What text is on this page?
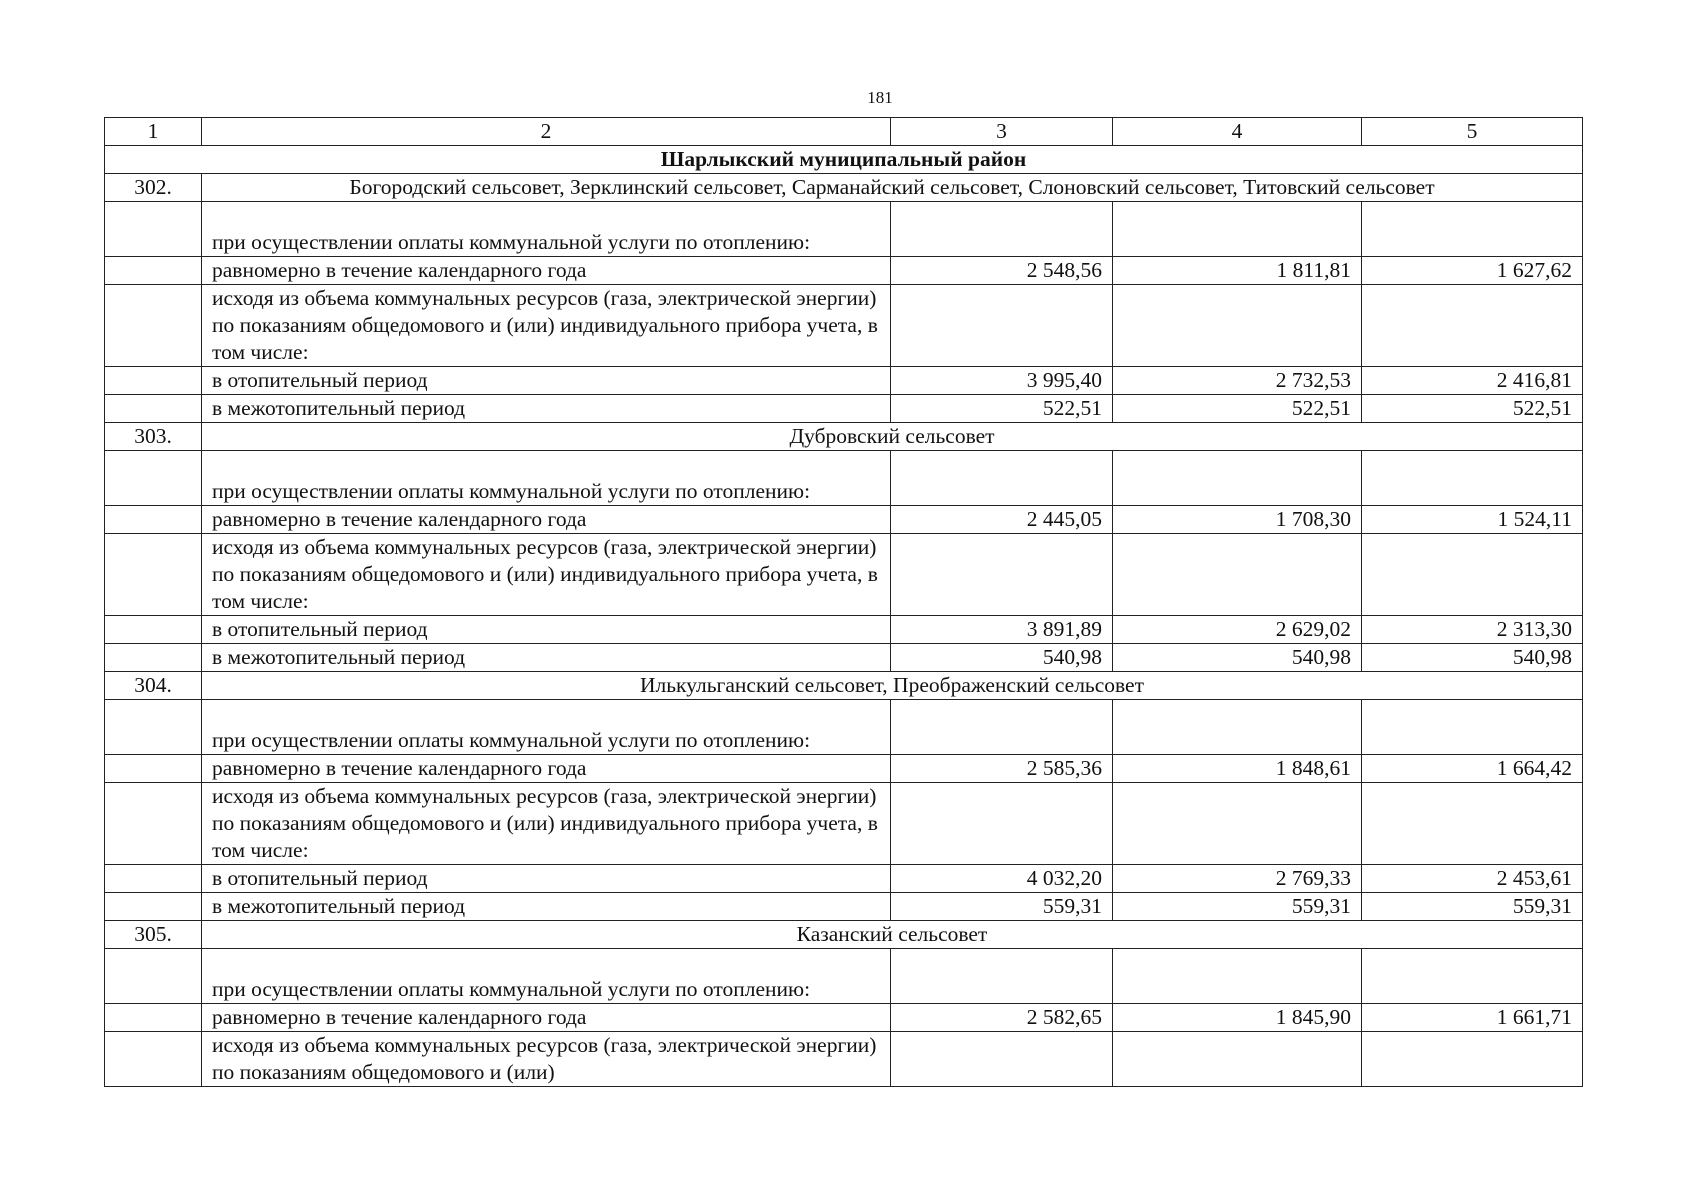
181
1	2	3	4	5
Шарлыкский муниципальный район				
302.	Богородский сельсовет, Зерклинский сельсовет, Сарманайский сельсовет, Слоновский сельсовет, Титовский сельсовет			
	при осуществлении оплаты коммунальной услуги по отоплению:			
	равномерно в течение календарного года	2 548,56	1 811,81	1 627,62
	исходя из объема коммунальных ресурсов (газа, электрической энергии) по показаниям общедомового и (или) индивидуального прибора учета, в том числе:			
	в отопительный период	3 995,40	2 732,53	2 416,81
	в межотопительный период	522,51	522,51	522,51
303.	Дубровский сельсовет			
	при осуществлении оплаты коммунальной услуги по отоплению:			
	равномерно в течение календарного года	2 445,05	1 708,30	1 524,11
	исходя из объема коммунальных ресурсов (газа, электрической энергии) по показаниям общедомового и (или) индивидуального прибора учета, в том числе:			
	в отопительный период	3 891,89	2 629,02	2 313,30
	в межотопительный период	540,98	540,98	540,98
304.	Илькульганский сельсовет, Преображенский сельсовет			
	при осуществлении оплаты коммунальной услуги по отоплению:			
	равномерно в течение календарного года	2 585,36	1 848,61	1 664,42
	исходя из объема коммунальных ресурсов (газа, электрической энергии) по показаниям общедомового и (или) индивидуального прибора учета, в том числе:			
	в отопительный период	4 032,20	2 769,33	2 453,61
	в межотопительный период	559,31	559,31	559,31
305.	Казанский сельсовет			
	при осуществлении оплаты коммунальной услуги по отоплению:			
	равномерно в течение календарного года	2 582,65	1 845,90	1 661,71
	исходя из объема коммунальных ресурсов (газа, электрической энергии) по показаниям общедомового и (или)			
